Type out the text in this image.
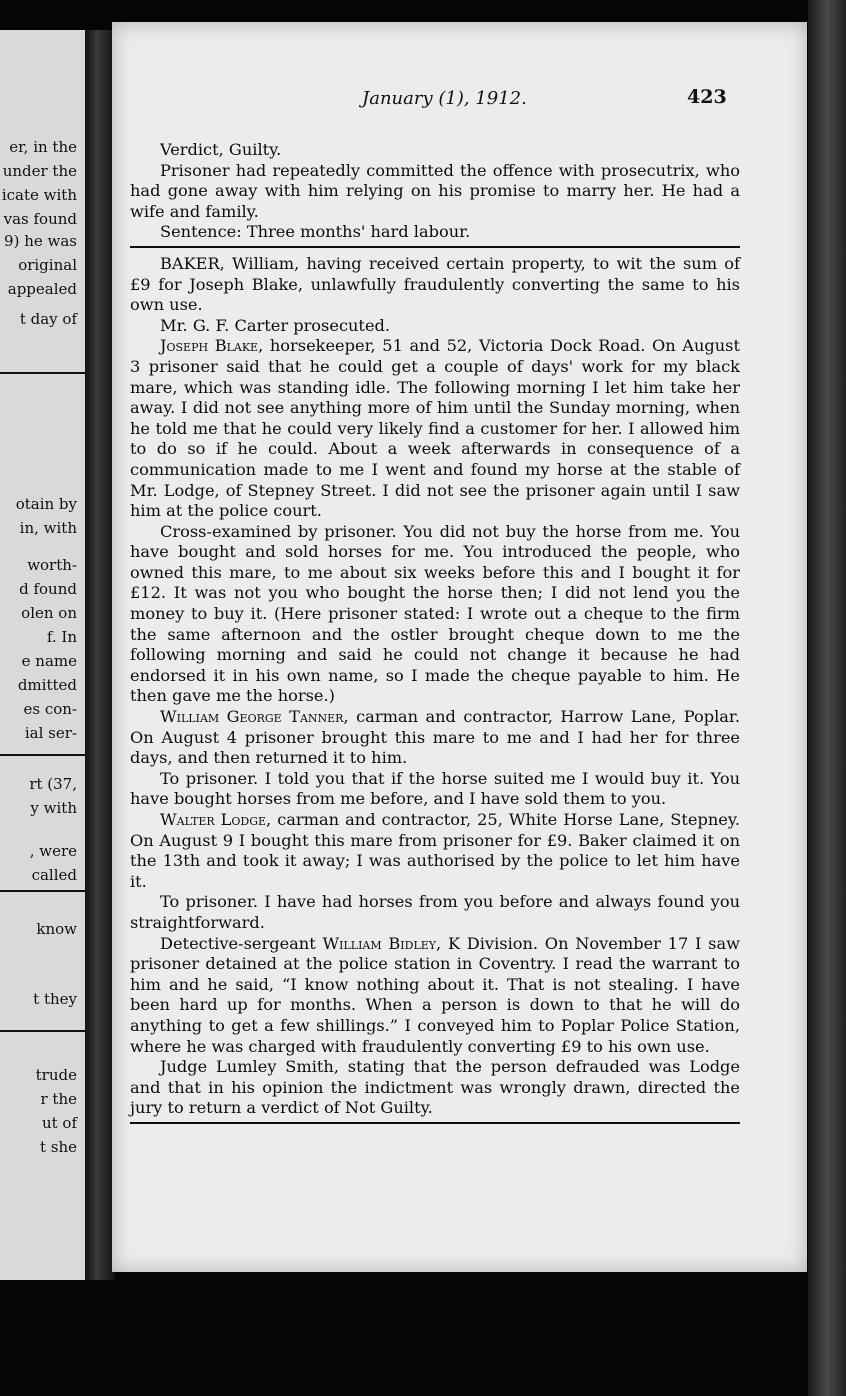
er, in the
under the
icate with
vas found
9) he was
original
appealed
t day of
otain by
in, with
worth-
d found
olen on
f. In
e name
dmitted
es con-
ial ser-
rt (37,
y with
, were
called
know
t they
trude
r the
ut of
t she
January (1), 1912.	423

Verdict, Guilty.

Prisoner had repeatedly committed the offence with prosecutrix, who had gone away with him relying on his promise to marry her. He had a wife and family.

Sentence: Three months' hard labour.

BAKER, William, having received certain property, to wit the sum of £9 for Joseph Blake, unlawfully fraudulently converting the same to his own use.

Mr. G. F. Carter prosecuted.

Joseph Blake, horsekeeper, 51 and 52, Victoria Dock Road. On August 3 prisoner said that he could get a couple of days' work for my black mare, which was standing idle. The following morning I let him take her away. I did not see anything more of him until the Sunday morning, when he told me that he could very likely find a customer for her. I allowed him to do so if he could. About a week afterwards in consequence of a communication made to me I went and found my horse at the stable of Mr. Lodge, of Stepney Street. I did not see the prisoner again until I saw him at the police court.

Cross-examined by prisoner. You did not buy the horse from me. You have bought and sold horses for me. You introduced the people, who owned this mare, to me about six weeks before this and I bought it for £12. It was not you who bought the horse then; I did not lend you the money to buy it. (Here prisoner stated: I wrote out a cheque to the firm the same afternoon and the ostler brought cheque down to me the following morning and said he could not change it because he had endorsed it in his own name, so I made the cheque payable to him. He then gave me the horse.)

William George Tanner, carman and contractor, Harrow Lane, Poplar. On August 4 prisoner brought this mare to me and I had her for three days, and then returned it to him.

To prisoner. I told you that if the horse suited me I would buy it. You have bought horses from me before, and I have sold them to you.

Walter Lodge, carman and contractor, 25, White Horse Lane, Stepney. On August 9 I bought this mare from prisoner for £9. Baker claimed it on the 13th and took it away; I was authorised by the police to let him have it.

To prisoner. I have had horses from you before and always found you straightforward.

Detective-sergeant William Bidley, K Division. On November 17 I saw prisoner detained at the police station in Coventry. I read the warrant to him and he said, “I know nothing about it. That is not stealing. I have been hard up for months. When a person is down to that he will do anything to get a few shillings.” I conveyed him to Poplar Police Station, where he was charged with fraudulently converting £9 to his own use.

Judge Lumley Smith, stating that the person defrauded was Lodge and that in his opinion the indictment was wrongly drawn, directed the jury to return a verdict of Not Guilty.
